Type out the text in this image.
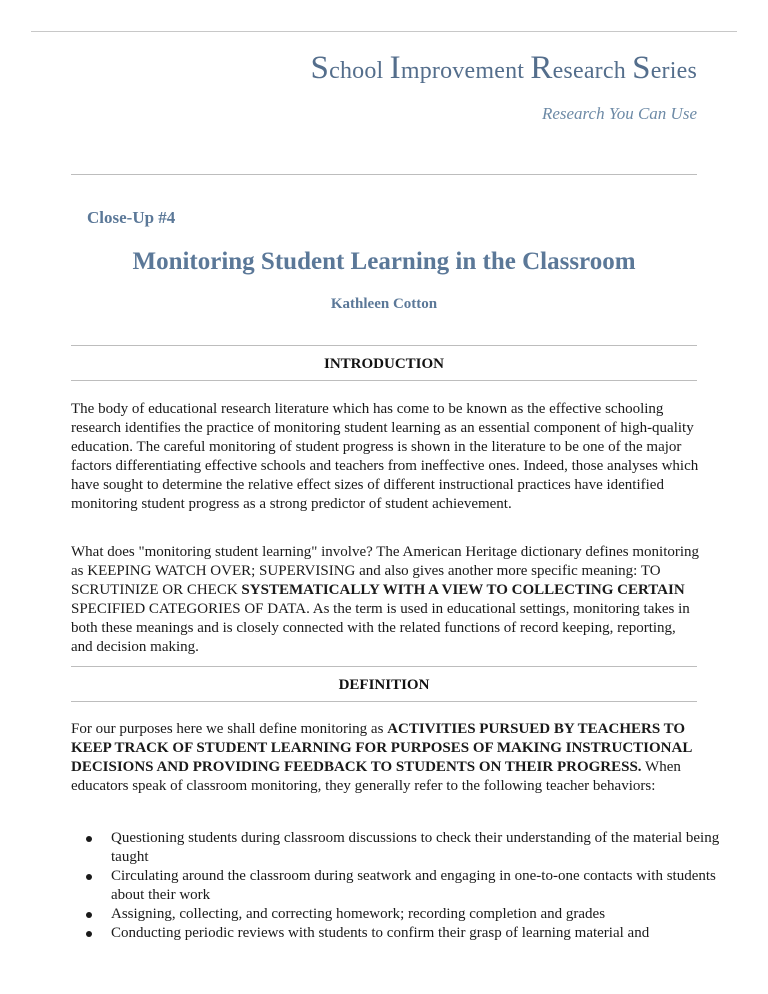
School Improvement Research Series
Research You Can Use
Close-Up #4
Monitoring Student Learning in the Classroom
Kathleen Cotton
INTRODUCTION

The body of educational research literature which has come to be known as the effective schooling research identifies the practice of monitoring student learning as an essential component of high-quality education. The careful monitoring of student progress is shown in the literature to be one of the major factors differentiating effective schools and teachers from ineffective ones. Indeed, those analyses which have sought to determine the relative effect sizes of different instructional practices have identified monitoring student progress as a strong predictor of student achievement.

What does "monitoring student learning" involve? The American Heritage dictionary defines monitoring as KEEPING WATCH OVER; SUPERVISING and also gives another more specific meaning: TO SCRUTINIZE OR CHECK SYSTEMATICALLY WITH A VIEW TO COLLECTING CERTAIN SPECIFIED CATEGORIES OF DATA. As the term is used in educational settings, monitoring takes in both these meanings and is closely connected with the related functions of record keeping, reporting, and decision making.

DEFINITION

For our purposes here we shall define monitoring as ACTIVITIES PURSUED BY TEACHERS TO KEEP TRACK OF STUDENT LEARNING FOR PURPOSES OF MAKING INSTRUCTIONAL DECISIONS AND PROVIDING FEEDBACK TO STUDENTS ON THEIR PROGRESS. When educators speak of classroom monitoring, they generally refer to the following teacher behaviors:

Questioning students during classroom discussions to check their understanding of the material being taught
Circulating around the classroom during seatwork and engaging in one-to-one contacts with students about their work
Assigning, collecting, and correcting homework; recording completion and grades
Conducting periodic reviews with students to confirm their grasp of learning material and
